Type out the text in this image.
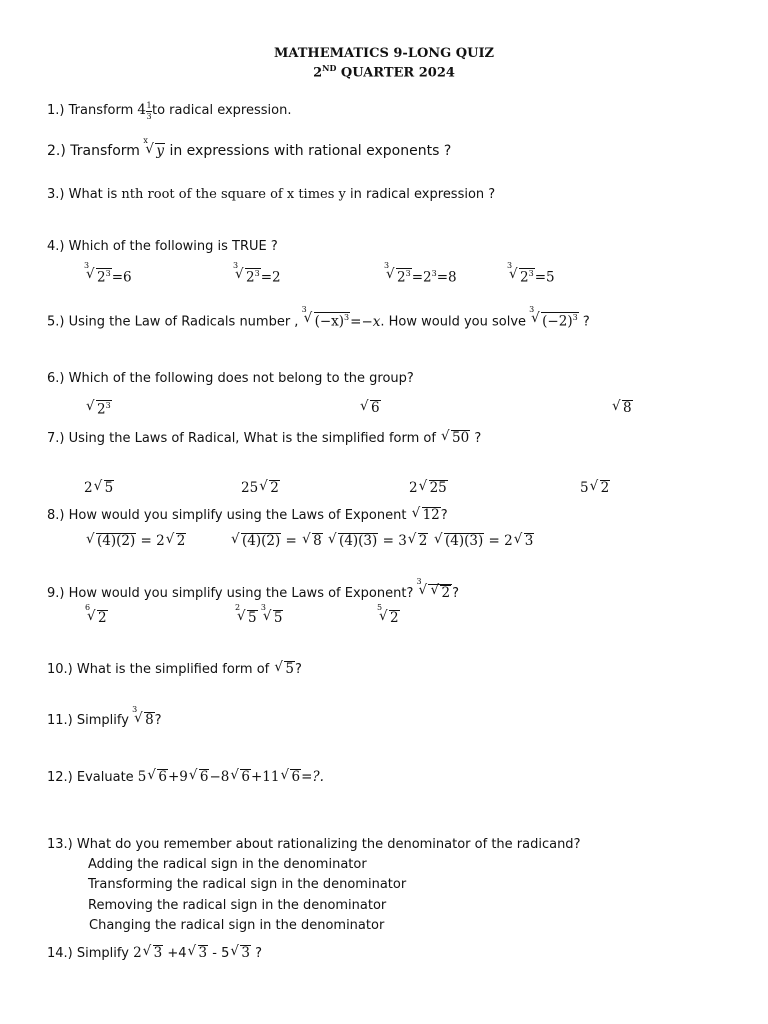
MATHEMATICS 9-LONG QUIZ
2ND QUARTER 2024
1.) Transform $4 \frac{1}{3}$ to radical expression.
2.) Transform
x
√ y in expressions with rational exponents ?
3.) What is nth root of the square of x times y in radical expression ?
4.) Which of the following is TRUE ?
3
√ $2^3=6$
3
√ $2^3=2$
3
√ $2^3=2^3=8$
3
√ $2^3=5$
5.) Using the Law of Radicals number ,
3
√ $(-x)^3=-x$. How would you solve
3
√ $(-2)^3$ ?
6.) Which of the following does not belong to the group?
√ $2^3$	√ 6	√ 8
7.) Using the Laws of Radical, What is the simplified form of √ 50 ?
2 √ 5	25 √ 2	2 √ 25	5 √ 2
8.) How would you simplify using the Laws of Exponent √ 12?
√ (4)(2) = 2 √ 2	√ (4)(2) = √ 8 √ (4)(3) = 3 √ 2 √ (4)(3) = 2 √ 3
9.) How would you simplify using the Laws of Exponent?
3
√ √ 2 ?
6
√ 2
2
√ 5
3
√ 5
5
√ 2
10.) What is the simplified form of √ 5?
11.) Simplify
3
√ 8?
12.) Evaluate 5 √ 6+9 √ 6−8 √ 6+11 √ 6=?.
13.) What do you remember about rationalizing the denominator of the radicand?
Adding the radical sign in the denominator
Transforming the radical sign in the denominator
Removing the radical sign in the denominator
Changing the radical sign in the denominator
14.) Simplify 2 √ 3 +4 √ 3 - 5 √ 3 ?
